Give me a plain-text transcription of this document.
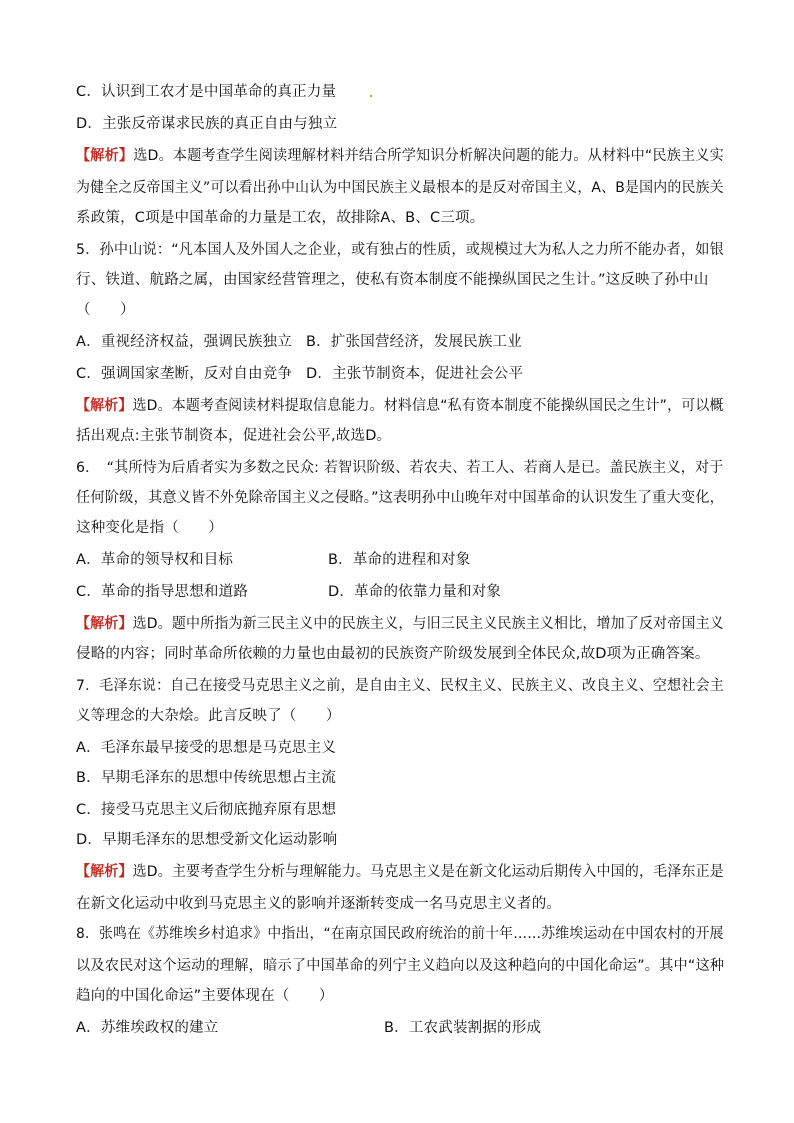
C．认识到工农才是中国革命的真正力量
D．主张反帝谋求民族的真正自由与独立
【解析】选D。本题考查学生阅读理解材料并结合所学知识分析解决问题的能力。从材料中“民族主义实
为健全之反帝国主义”可以看出孙中山认为中国民族主义最根本的是反对帝国主义，A、B是国内的民族关
系政策，C项是中国革命的力量是工农，故排除A、B、C三项。
5．孙中山说：“凡本国人及外国人之企业，或有独占的性质，或规模过大为私人之力所不能办者，如银
行、铁道、航路之属，由国家经营管理之，使私有资本制度不能操纵国民之生计。”这反映了孙中山
（　　）
A．重视经济权益，强调民族独立 B．扩张国营经济，发展民族工业
C．强调国家垄断，反对自由竞争 D．主张节制资本，促进社会公平
【解析】选D。本题考查阅读材料提取信息能力。材料信息“私有资本制度不能操纵国民之生计”，可以概
括出观点:主张节制资本，促进社会公平,故选D。
6．　“其所恃为后盾者实为多数之民众: 若智识阶级、若农夫、若工人、若商人是已。盖民族主义，对于
任何阶级，其意义皆不外免除帝国主义之侵略。”这表明孙中山晚年对中国革命的认识发生了重大变化，
这种变化是指（　　）
A．革命的领导权和目标	B．革命的进程和对象
C．革命的指导思想和道路	D．革命的依靠力量和对象
【解析】选D。题中所指为新三民主义中的民族主义，与旧三民主义民族主义相比，增加了反对帝国主义
侵略的内容；同时革命所依赖的力量也由最初的民族资产阶级发展到全体民众,故D项为正确答案。
7．毛泽东说：自己在接受马克思主义之前，是自由主义、民权主义、民族主义、改良主义、空想社会主
义等理念的大杂烩。此言反映了（　　）
A．毛泽东最早接受的思想是马克思主义
B．早期毛泽东的思想中传统思想占主流
C．接受马克思主义后彻底抛弃原有思想
D．早期毛泽东的思想受新文化运动影响
【解析】选D。主要考查学生分析与理解能力。马克思主义是在新文化运动后期传入中国的，毛泽东正是
在新文化运动中收到马克思主义的影响并逐渐转变成一名马克思主义者的。
8．张鸣在《苏维埃乡村追求》中指出，“在南京国民政府统治的前十年……苏维埃运动在中国农村的开展
以及农民对这个运动的理解，暗示了中国革命的列宁主义趋向以及这种趋向的中国化命运”。其中“这种
趋向的中国化命运”主要体现在（　　）
A．苏维埃政权的建立	B．工农武装割据的形成
